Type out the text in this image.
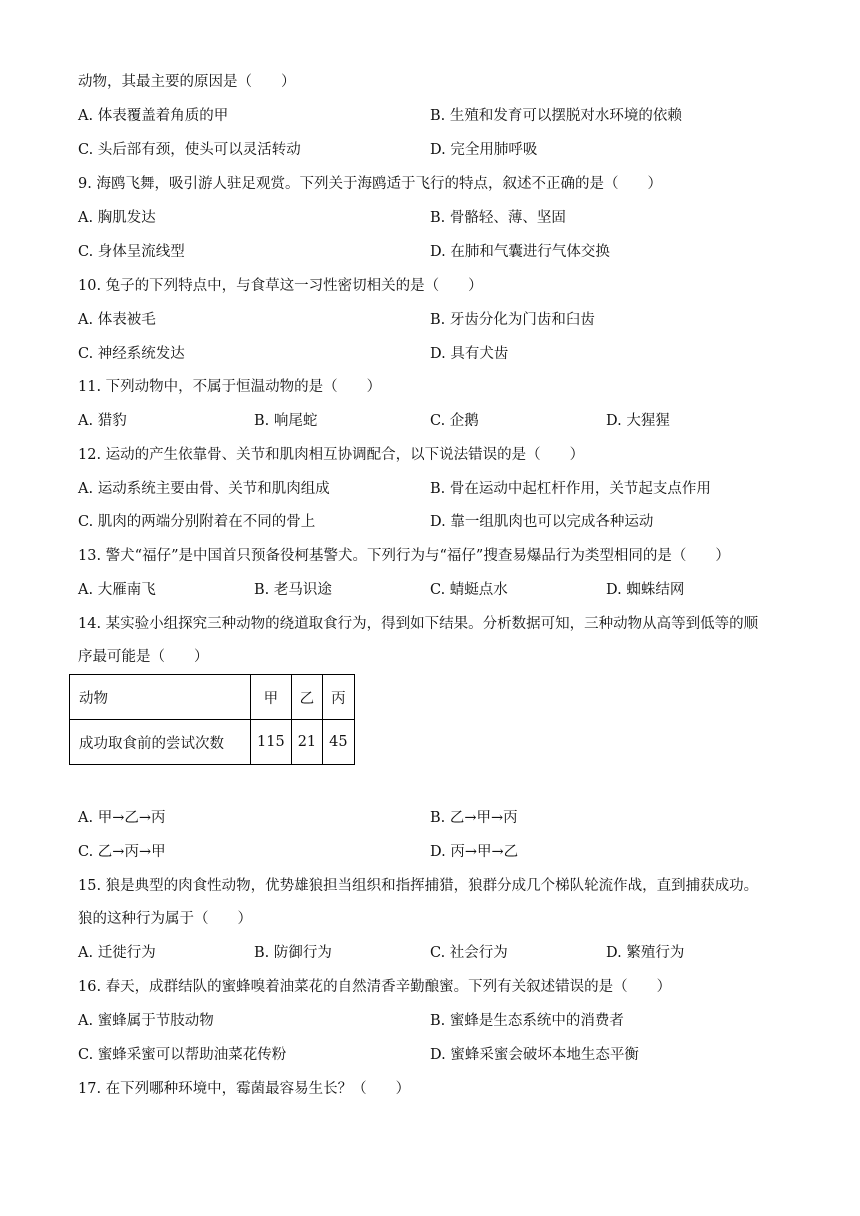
动物，其最主要的原因是（　　）
A. 体表覆盖着角质的甲	B. 生殖和发育可以摆脱对水环境的依赖
C. 头后部有颈，使头可以灵活转动	D. 完全用肺呼吸
9. 海鸥飞舞，吸引游人驻足观赏。下列关于海鸥适于飞行的特点，叙述不正确的是（　　）
A. 胸肌发达	B. 骨骼轻、薄、坚固
C. 身体呈流线型	D. 在肺和气囊进行气体交换
10. 兔子的下列特点中，与食草这一习性密切相关的是（　　）
A. 体表被毛	B. 牙齿分化为门齿和臼齿
C. 神经系统发达	D. 具有犬齿
11. 下列动物中，不属于恒温动物的是（　　）
A. 猎豹	B. 响尾蛇	C. 企鹅	D. 大猩猩
12. 运动的产生依靠骨、关节和肌肉相互协调配合，以下说法错误的是（　　）
A. 运动系统主要由骨、关节和肌肉组成	B. 骨在运动中起杠杆作用，关节起支点作用
C. 肌肉的两端分别附着在不同的骨上	D. 靠一组肌肉也可以完成各种运动
13. 警犬“福仔”是中国首只预备役柯基警犬。下列行为与“福仔”搜查易爆品行为类型相同的是（　　）
A. 大雁南飞	B. 老马识途	C. 蜻蜓点水	D. 蜘蛛结网
14. 某实验小组探究三种动物的绕道取食行为，得到如下结果。分析数据可知，三种动物从高等到低等的顺
序最可能是（　　）
动物	甲	乙	丙
成功取食前的尝试次数	115	21	45
A. 甲→乙→丙	B. 乙→甲→丙
C. 乙→丙→甲	D. 丙→甲→乙
15. 狼是典型的肉食性动物，优势雄狼担当组织和指挥捕猎，狼群分成几个梯队轮流作战，直到捕获成功。
狼的这种行为属于（　　）
A. 迁徙行为	B. 防御行为	C. 社会行为	D. 繁殖行为
16. 春天，成群结队的蜜蜂嗅着油菜花的自然清香辛勤酿蜜。下列有关叙述错误的是（　　）
A. 蜜蜂属于节肢动物	B. 蜜蜂是生态系统中的消费者
C. 蜜蜂采蜜可以帮助油菜花传粉	D. 蜜蜂采蜜会破坏本地生态平衡
17. 在下列哪种环境中，霉菌最容易生长？（　　）
